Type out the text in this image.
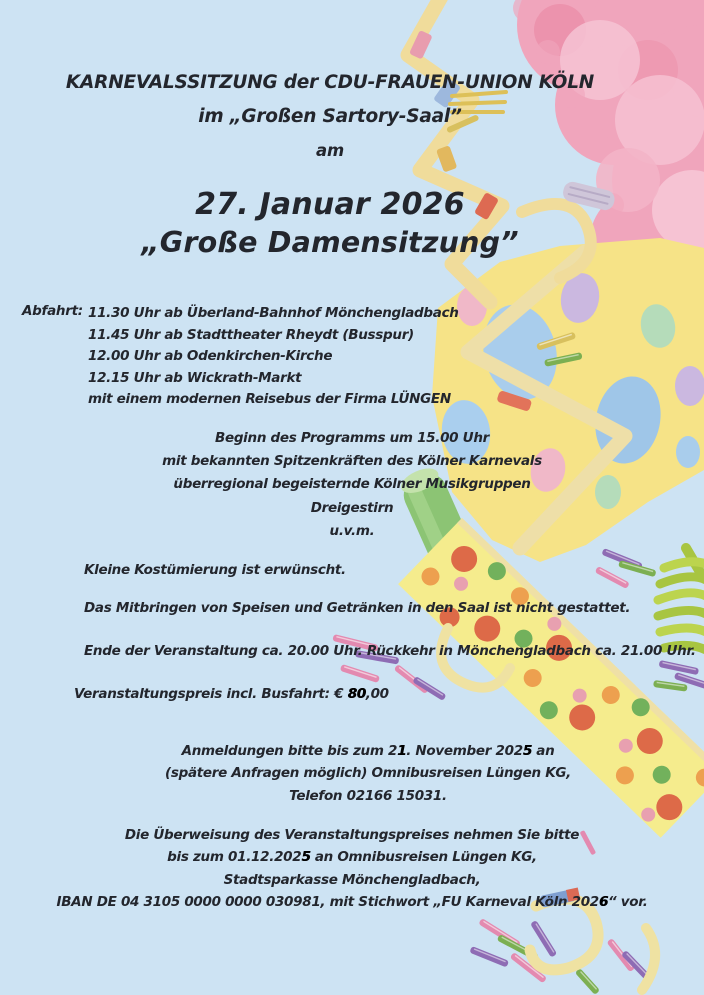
KARNEVALSSITZUNG der CDU-FRAUEN-UNION KÖLN
im „Großen Sartory-Saal”
am
27. Januar 2026
„Große Damensitzung”
Abfahrt: 11.30 Uhr ab Überland-Bahnhof Mönchengladbach
11.45 Uhr ab Stadttheater Rheydt (Busspur)
12.00 Uhr ab Odenkirchen-Kirche
12.15 Uhr ab Wickrath-Markt
mit einem modernen Reisebus der Firma LÜNGEN
Beginn des Programms um 15.00 Uhr
mit bekannten Spitzenkräften des Kölner Karnevals
überregional begeisternde Kölner Musikgruppen
Dreigestirn
u.v.m.
Kleine Kostümierung ist erwünscht.
Das Mitbringen von Speisen und Getränken in den Saal ist nicht gestattet.
Ende der Veranstaltung ca. 20.00 Uhr. Rückkehr in Mönchengladbach ca. 21.00 Uhr.
Veranstaltungspreis incl. Busfahrt: € 80,00
Anmeldungen bitte bis zum 21. November 2025 an
(spätere Anfragen möglich) Omnibusreisen Lüngen KG,
Telefon 02166 15031.
Die Überweisung des Veranstaltungspreises nehmen Sie bitte
bis zum 01.12.2025 an Omnibusreisen Lüngen KG,
Stadtsparkasse Mönchengladbach,
IBAN DE 04 3105 0000 0000 030981, mit Stichwort „FU Karneval Köln 2026“ vor.
